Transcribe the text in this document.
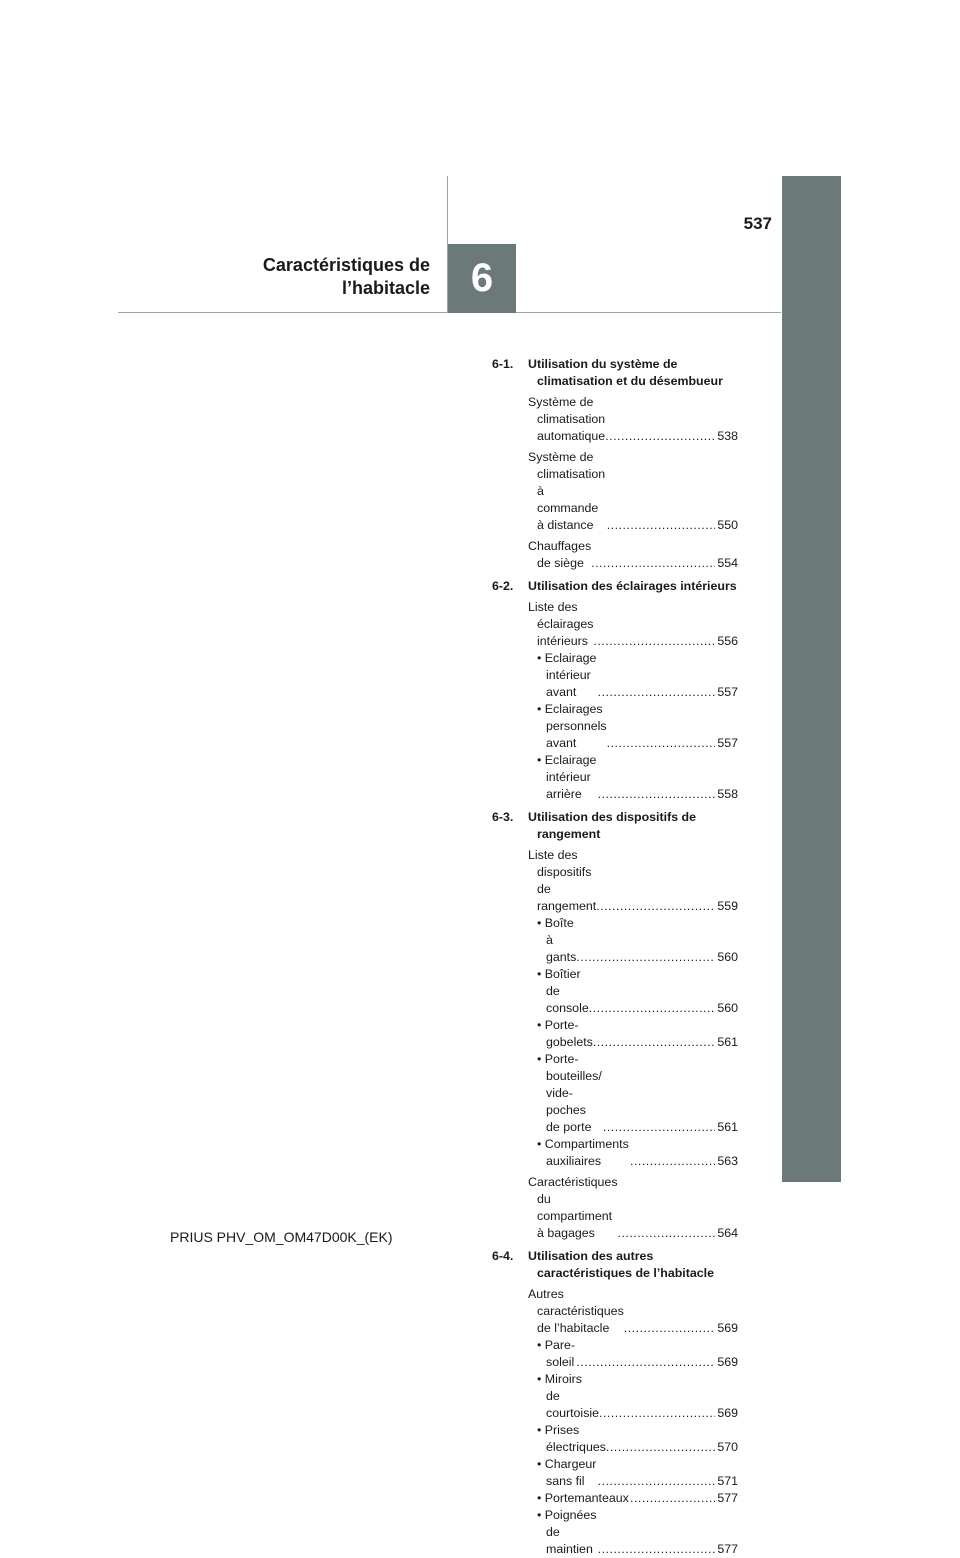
537
Caractéristiques de
l’habitacle	6
6-1. Utilisation du système de climatisation et du désembueur
Système de climatisation automatique .....	538
Système de climatisation à commande à distance .....	550
Chauffages de siège .....	554
6-2. Utilisation des éclairages intérieurs
Liste des éclairages intérieurs .....	556
• Eclairage intérieur avant .....	557
• Eclairages personnels avant .....	557
• Eclairage intérieur arrière .....	558
6-3. Utilisation des dispositifs de rangement
Liste des dispositifs de rangement .....	559
• Boîte à gants .....	560
• Boîtier de console .....	560
• Porte-gobelets .....	561
• Porte-bouteilles/ vide-poches de porte .....	561
• Compartiments auxiliaires .....	563
Caractéristiques du compartiment à bagages .....	564
6-4. Utilisation des autres caractéristiques de l’habitacle
Autres caractéristiques de l’habitacle .....	569
• Pare-soleil .....	569
• Miroirs de courtoisie .....	569
• Prises électriques .....	570
• Chargeur sans fil .....	571
• Portemanteaux .....	577
• Poignées de maintien .....	577
PRIUS PHV_OM_OM47D00K_(EK)
